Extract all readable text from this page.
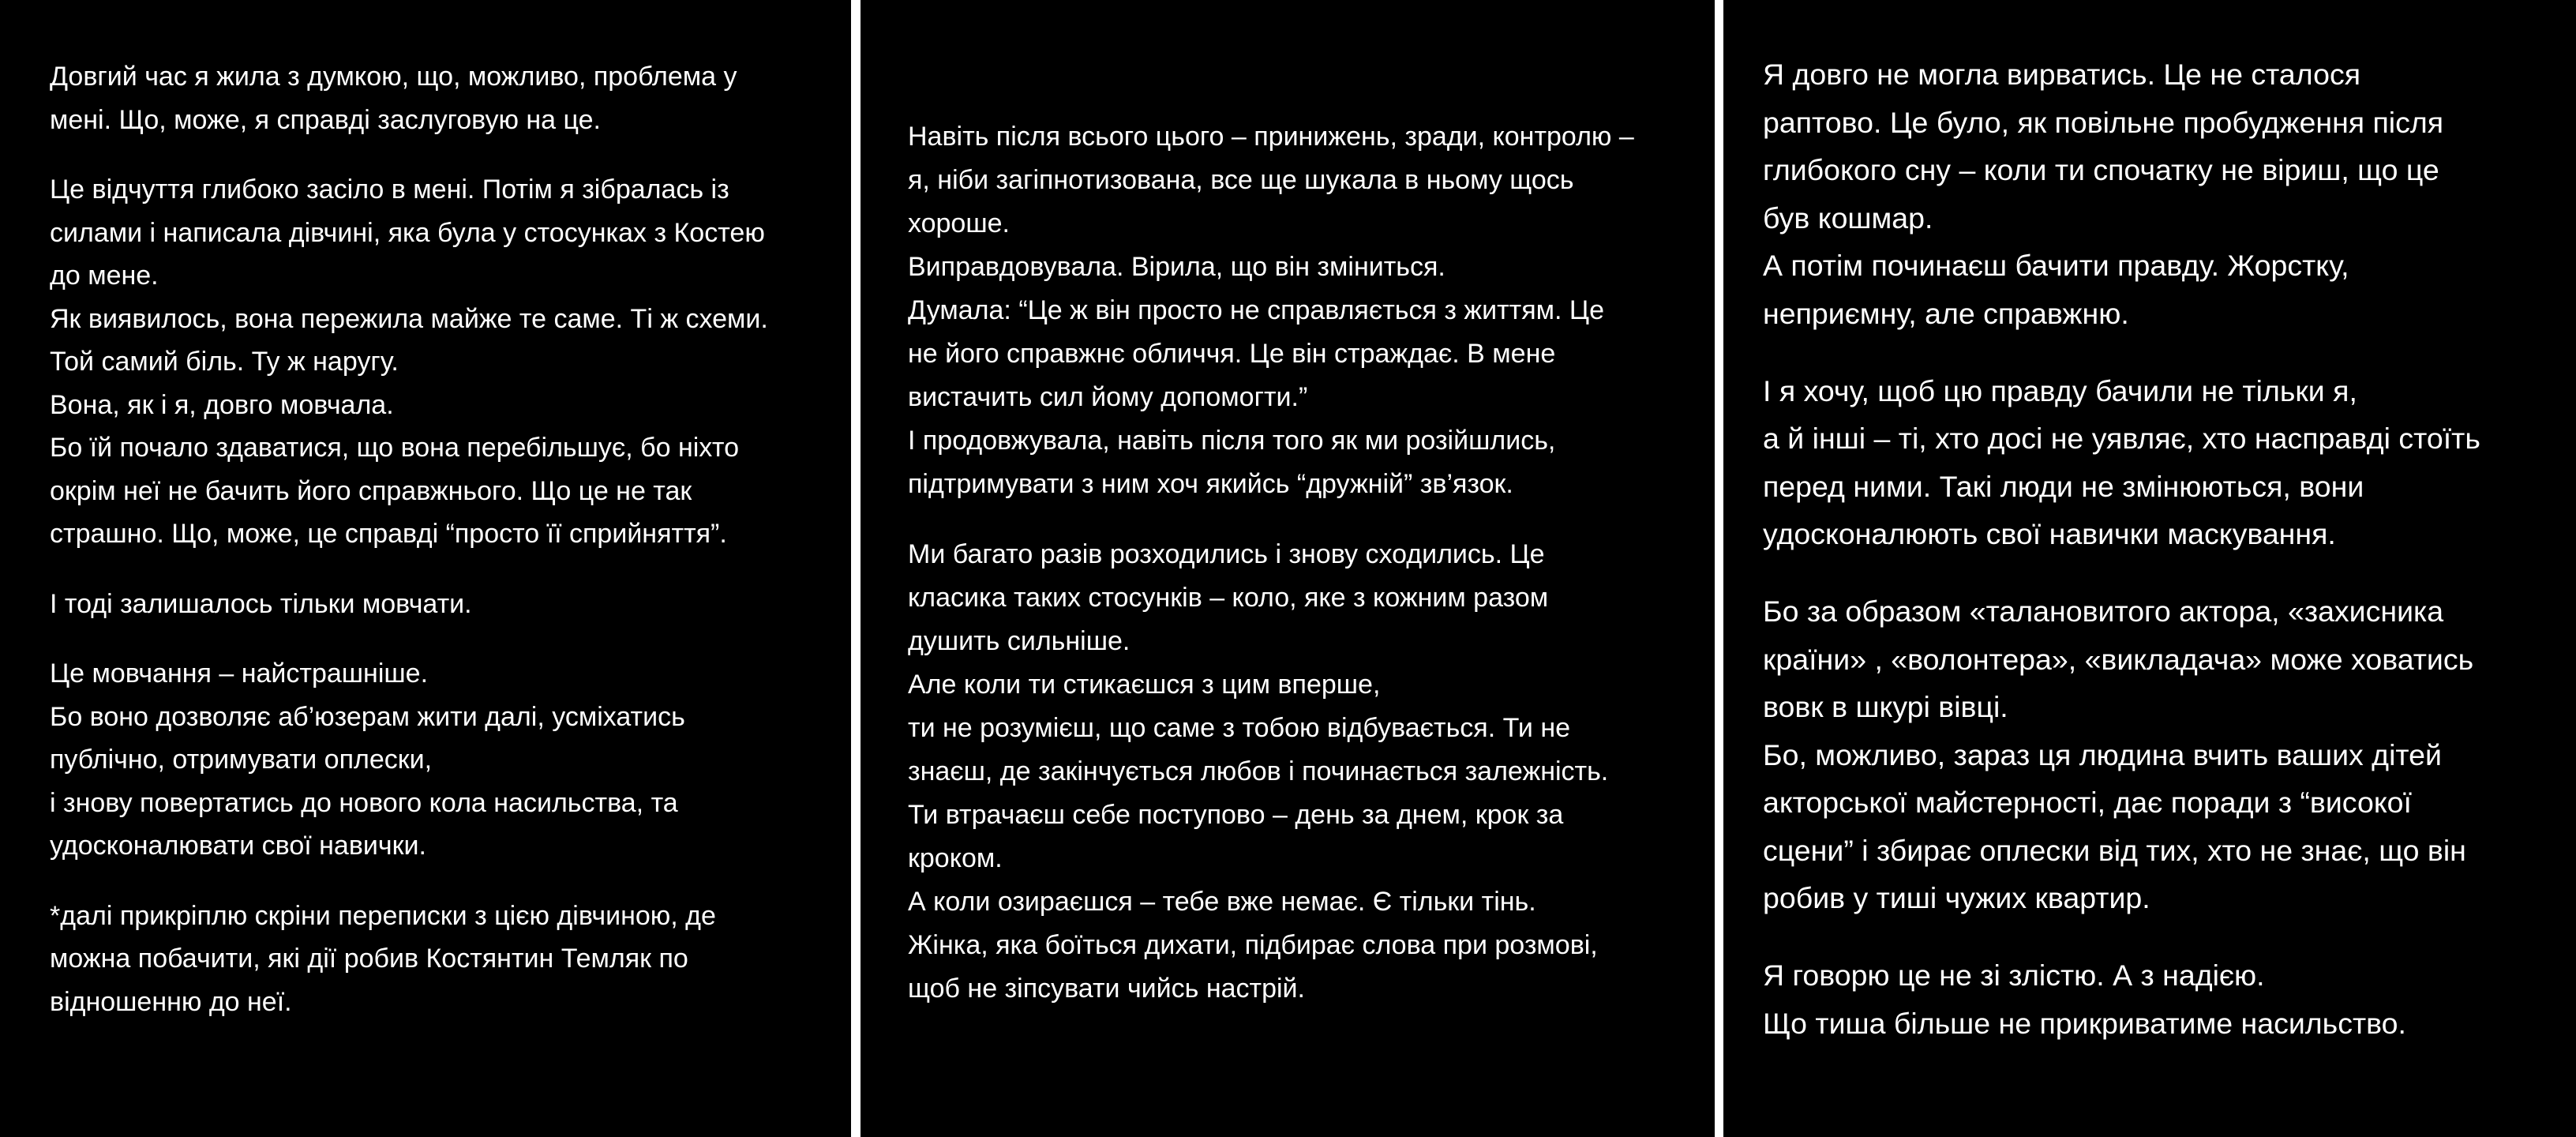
Довгий час я жила з думкою, що, можливо, проблема у
мені. Що, може, я справді заслуговую на це.
Це відчуття глибоко засіло в мені. Потім я зібралась із
силами і написала дівчині, яка була у стосунках з Костею
до мене.
Як виявилось, вона пережила майже те саме. Ті ж схеми.
Той самий біль. Ту ж наругу.
Вона, як і я, довго мовчала.
Бо їй почало здаватися, що вона перебільшує, бо ніхто
окрім неї не бачить його справжнього. Що це не так
страшно. Що, може, це справді “просто її сприйняття”.
І тоді залишалось тільки мовчати.
Це мовчання – найстрашніше.
Бо воно дозволяє аб’юзерам жити далі, усміхатись
публічно, отримувати оплески,
і знову повертатись до нового кола насильства, та
удосконалювати свої навички.
*далі прикріплю скріни переписки з цією дівчиною, де
можна побачити, які дії робив Костянтин Темляк по
відношенню до неї.
Навіть після всього цього – принижень, зради, контролю –
я, ніби загіпнотизована, все ще шукала в ньому щось
хороше.
Виправдовувала. Вірила, що він зміниться.
Думала: “Це ж він просто не справляється з життям. Це
не його справжнє обличчя. Це він страждає. В мене
вистачить сил йому допомогти.”
І продовжувала, навіть після того як ми розійшлись,
підтримувати з ним хоч якийсь “дружній” зв’язок.
Ми багато разів розходились і знову сходились. Це
класика таких стосунків – коло, яке з кожним разом
душить сильніше.
Але коли ти стикаєшся з цим вперше,
ти не розумієш, що саме з тобою відбувається. Ти не
знаєш, де закінчується любов і починається залежність.
Ти втрачаєш себе поступово – день за днем, крок за
кроком.
А коли озираєшся – тебе вже немає. Є тільки тінь.
Жінка, яка боїться дихати, підбирає слова при розмові,
щоб не зіпсувати чийсь настрій.
Я довго не могла вирватись. Це не сталося
раптово. Це було, як повільне пробудження після
глибокого сну – коли ти спочатку не віриш, що це
був кошмар.
А потім починаєш бачити правду. Жорстку,
неприємну, але справжню.
І я хочу, щоб цю правду бачили не тільки я,
а й інші – ті, хто досі не уявляє, хто насправді стоїть
перед ними. Такі люди не змінюються, вони
удосконалюють свої навички маскування.
Бо за образом «талановитого актора, «захисника
країни» , «волонтера», «викладача» може ховатись
вовк в шкурі вівці.
Бо, можливо, зараз ця людина вчить ваших дітей
акторської майстерності, дає поради з “високої
сцени” і збирає оплески від тих, хто не знає, що він
робив у тиші чужих квартир.
Я говорю це не зі злістю. А з надією.
Що тиша більше не прикриватиме насильство.
